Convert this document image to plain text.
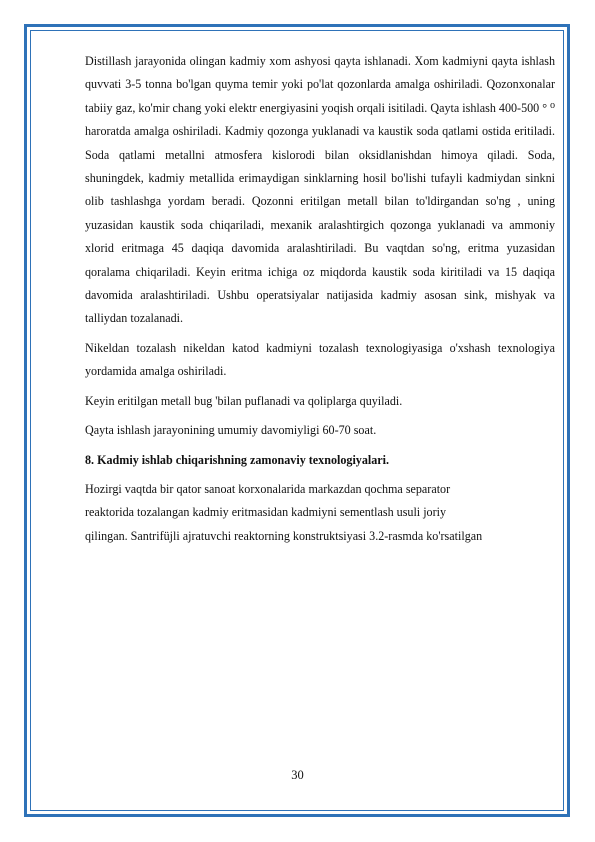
Distillash jarayonida olingan kadmiy xom ashyosi qayta ishlanadi. Xom kadmiyni qayta ishlash quvvati 3-5 tonna bo'lgan quyma temir yoki po'lat qozonlarda amalga oshiriladi. Qozonxonalar tabiiy gaz, ko'mir chang yoki elektr energiyasini yoqish orqali isitiladi. Qayta ishlash 400-500 ° ⁰ haroratda amalga oshiriladi. Kadmiy qozonga yuklanadi va kaustik soda qatlami ostida eritiladi. Soda qatlami metallni atmosfera kislorodi bilan oksidlanishdan himoya qiladi. Soda, shuningdek, kadmiy metallida erimaydigan sinklarning hosil bo'lishi tufayli kadmiydan sinkni olib tashlashga yordam beradi. Qozonni eritilgan metall bilan to'ldirgandan so'ng , uning yuzasidan kaustik soda chiqariladi, mexanik aralashtirgich qozonga yuklanadi va ammoniy xlorid eritmaga 45 daqiqa davomida aralashtiriladi. Bu vaqtdan so'ng, eritma yuzasidan qoralama chiqariladi. Keyin eritma ichiga oz miqdorda kaustik soda kiritiladi va 15 daqiqa davomida aralashtiriladi. Ushbu operatsiyalar natijasida kadmiy asosan sink, mishyak va talliydan tozalanadi.

Nikeldan tozalash nikeldan katod kadmiyni tozalash texnologiyasiga o'xshash texnologiya yordamida amalga oshiriladi.

Keyin eritilgan metall bug 'bilan puflanadi va qoliplarga quyiladi.

Qayta ishlash jarayonining umumiy davomiyligi 60-70 soat.

8. Kadmiy ishlab chiqarishning zamonaviy texnologiyalari.

Hozirgi vaqtda bir qator sanoat korxonalarida markazdan qochma separator
reaktorida tozalangan kadmiy eritmasidan kadmiyni sementlash usuli joriy
qilingan. Santrifüjli ajratuvchi reaktorning konstruktsiyasi 3.2-rasmda ko'rsatilgan
30
